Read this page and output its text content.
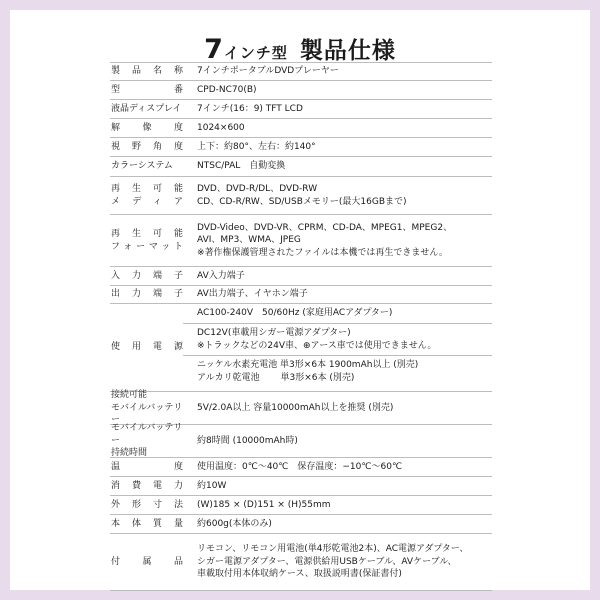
7インチ型 製品仕様
製品名称 7インチポータブルDVDプレーヤー
型番 CPD-NC70(B)
液晶ディスプレイ 7インチ(16：9) TFT LCD
解像度 1024×600
視野角度 上下：約80°、左右：約140°
カラーシステム	NTSC/PAL　自動変換
再生可能
メディア
DVD、DVD-R/DL、DVD-RW
CD、CD-R/RW、SD/USBメモリー(最大16GBまで)
再生可能
フォーマット
DVD-Video、DVD-VR、CPRM、CD-DA、MPEG1、MPEG2、
AVI、MP3、WMA、JPEG
※著作権保護管理されたファイルは本機では再生できません。
入力端子 AV入力端子
出力端子 AV出力端子、イヤホン端子
使用電源
AC100-240V　50/60Hz (家庭用ACアダプター)
DC12V(車載用シガー電源アダプター)
※トラックなどの24V車、⊕アース車では使用できません。
ニッケル水素充電池 単3形×6本 1900mAh以上 (別売)
アルカリ乾電池　　 単3形×6本 (別売)
接続可能
モバイルバッテリー
5V/2.0A以上 容量10000mAh以上を推奨 (別売)
モバイルバッテリー
持続時間
約8時間 (10000mAh時)
温度 使用温度：0℃～40℃　保存温度：−10℃～60℃
消費電力 約10W
外形寸法 (W)185 × (D)151 × (H)55mm
本体質量 約600g(本体のみ)
付属品
リモコン、リモコン用電池(単4形乾電池2本)、AC電源アダプター、
シガー電源アダプター、電源供給用USBケーブル、AVケーブル、
車載取付用本体収納ケース、取扱説明書(保証書付)
